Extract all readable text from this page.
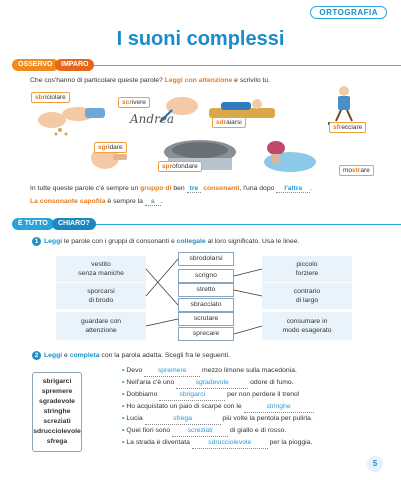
ORTOGRAFIA
I suoni complessi
OSSERVO	IMPARO
Che cos'hanno di particolare queste parole? Leggi con attenzione e scrivilo tu.
sbriciolare
scrivere
Andrea	sdraiarsi
sfrecciare
sgridare
sprofondare
mostrare
In tutte queste parole c'è sempre un gruppo di ben tre consonanti, l'una dopo l'altra .
La consonante capofila è sempre la s .
È TUTTO	CHIARO?
1 Leggi le parole con i gruppi di consonanti e collegale al loro significato. Usa le linee.
vestito
senza maniche
sporcarsi
di brodo
guardare con
attenzione
sbrodolarsi
scrigno
stretto
sbracciato
scrutare
sprecare
piccolo
forziere
contrario
di largo
consumare in
modo esagerato
2 Leggi e completa con la parola adatta. Scegli fra le seguenti.
sbrigarci
spremere
sgradevole
stringhe
screziati
sdrucciolevole
sfrega
• Devo spremere mezzo limone sulla macedonia.
• Nell'aria c'è uno	sgradevole	odore di fumo.
• Dobbiamo	sbrigarci	per non perdere il treno!
• Ho acquistato un paio di scarpe con le	stringhe
• Lucia	sfrega	più volte la pentola per pulirla.
• Quei fiori sono screziati di giallo e di rosso.
• La strada è diventata sdrucciolevole per la pioggia.
5
